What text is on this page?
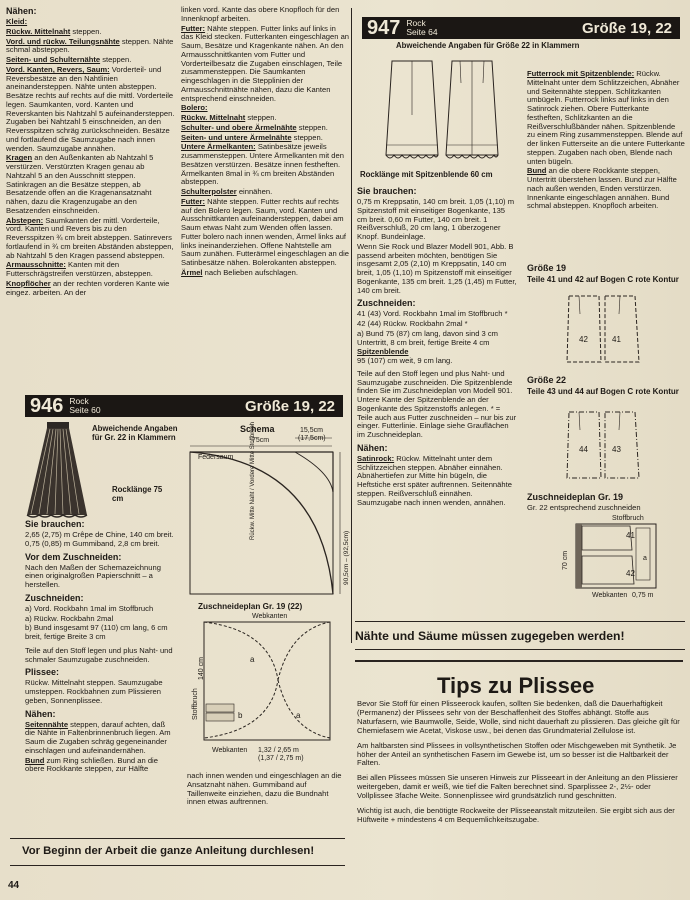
Nähen:

Kleid:

Rückw. Mittelnaht steppen.

Vord. und rückw. Teilungsnähte steppen. Nähte schmal absteppen.

Seiten- und Schulternähte steppen.

Vord. Kanten, Revers, Saum: Vorderteil- und Reversbesätze an den Nahtlinien aneinandersteppen. Nähte unten absteppen. Besätze rechts auf rechts auf die mittl. Vorderteile legen. Saumkanten, vord. Kanten und Reverskanten bis Nahtzahl 5 aufeinandersteppen. Zugaben bei Nahtzahl 5 einschneiden, an den Reversspitzen schräg zurückschneiden. Besätze und fortlaufend die Saumzugabe nach innen wenden. Saumzugabe annähen.

Kragen an den Außenkanten ab Nahtzahl 5 verstürzen. Verstürzten Kragen genau ab Nahtzahl 5 an den Ausschnitt steppen. Satinkragen an die Besätze steppen, ab Besatzende offen an die Kragenansatznaht nähen, dazu die Kragenzugabe an den Besatzenden einschneiden.

Abstepen: Saumkanten der mittl. Vorderteile, vord. Kanten und Revers bis zu den Reversspitzen ¾ cm breit absteppen. Satinrevers fortlaufend in ¾ cm breiten Abständen absteppen, ab Nahtzahl 5 den Kragen passend absteppen.

Armausschnitte: Kanten mit den Futterschrägstreifen verstürzen, absteppen.

Knopflöcher an der rechten vorderen Kante wie eingez. arbeiten. An der

linken vord. Kante das obere Knopfloch für den Innenknopf arbeiten.

Futter: Nähte steppen. Futter links auf links in das Kleid stecken. Futterkanten eingeschlagen an Saum, Besätze und Kragenkante nähen. An den Armausschnittkanten vom Futter und Vorderteilbesatz die Zugaben einschlagen, Teile zusammensteppen. Die Saumkanten eingeschlagen in die Stepplinien der Armausschnittnähte nähen, dazu die Kanten entsprechend einschneiden.

Bolero:

Rückw. Mittelnaht steppen.

Schulter- und obere Ärmelnähte steppen.

Seiten- und untere Ärmelnähte steppen.

Untere Ärmelkanten: Satinbesätze jeweils zusammensteppen. Untere Ärmelkanten mit den Besätzen verstürzen. Besätze innen festheften. Ärmelkanten 8mal in ¾ cm breiten Abständen absteppen.

Schulterpolster einnähen.

Futter: Nähte steppen. Futter rechts auf rechts auf den Bolero legen. Saum, vord. Kanten und Ausschnittkanten aufeinandersteppen, dabei am Saum etwas Naht zum Wenden offen lassen. Futter bolero nach innen wenden, Ärmel links auf links ineinanderziehen. Offene Nahtstelle am Saum zunähen. Futterärmel eingeschlagen an die Satinbesätze nähen. Bolerokanten absteppen.

Ärmel nach Belieben aufschlagen.

946 Rock
Seite 60	Größe 19, 22
Abweichende Angaben für Gr. 22 in Klammern
Rocklänge 75 cm
Schema	15,5cm
(17,5cm)
75cm
Federsaum	Rückw. Mitte Naht / Vordere Mitte Stoffbruch
90,5cm – (92,5cm)
Sie brauchen:

2,65 (2,75) m Crêpe de Chine, 140 cm breit. 0,75 (0,85) m Gummiband, 2,8 cm breit.

Vor dem Zuschneiden:

Nach den Maßen der Schemazeichnung einen originalgroßen Papierschnitt – a herstellen.

Zuschneiden:

a) Vord. Rockbahn 1mal im Stoffbruch

a) Rückw. Rockbahn 2mal

b) Bund insgesamt 97 (110) cm lang, 6 cm breit, fertige Breite 3 cm

Teile auf den Stoff legen und plus Naht- und schmaler Saumzugabe zuschneiden.

Plissee:

Rückw. Mittelnaht steppen. Saumzugabe umsteppen. Rockbahnen zum Plissieren geben, Sonnenplissee.

Nähen:

Seitennähte steppen, darauf achten, daß die Nähte in Faltenbrinnenbruch liegen. Am Saum die Zugaben schräg gegeneinander einschlagen und aufeinandernähen.

Bund zum Ring schließen. Bund an die obere Rockkante steppen, zur Hälfte

Zuschneideplan Gr. 19 (22)
Webkanten
Stoffbruch
140 cm	a
a
b
Webkanten 1,32 / 2,65 m
(1,37 / 2,75 m)
nach innen wenden und eingeschlagen an die Ansatznaht nähen. Gummiband auf Taillenweite einziehen, dazu die Bundnaht innen etwas auftrennen.
947 Rock
Seite 64	Größe 19, 22
Abweichende Angaben für Größe 22 in Klammern
Rocklänge mit Spitzenblende 60 cm
Sie brauchen:

0,75 m Kreppsatin, 140 cm breit. 1,05 (1,10) m Spitzenstoff mit einseitiger Bogenkante, 135 cm breit. 0,60 m Futter, 140 cm breit. 1 Reißverschluß, 20 cm lang, 1 überzogener Knopf. Bundeinlage.

Wenn Sie Rock und Blazer Modell 901, Abb. B passend arbeiten möchten, benötigen Sie insgesamt 2,05 (2,10) m Kreppsatin, 140 cm breit, 1,05 (1,10) m Spitzenstoff mit einseitiger Bogenkante, 135 cm breit. 1,25 (1,45) m Futter, 140 cm breit.

Zuschneiden:

41 (43) Vord. Rockbahn 1mal im Stoffbruch *

42 (44) Rückw. Rockbahn 2mal *

a) Bund 75 (87) cm lang, davon sind 3 cm Untertritt, 8 cm breit, fertige Breite 4 cm

Spitzenblende
95 (107) cm weit, 9 cm lang.

Teile auf den Stoff legen und plus Naht- und Saumzugabe zuschneiden. Die Spitzenblende finden Sie im Zuschneideplan von Modell 901. Untere Kante der Spitzenblende an der Bogenkante des Spitzenstoffs anlegen. * = Teile auch aus Futter zuschneiden – nur bis zur einger. Futterlinie. Einlage siehe Grauflächen im Zuschneideplan.

Nähen:

Satinrock: Rückw. Mittelnaht unter dem Schlitzzeichen steppen. Abnäher einnähen. Abnähertiefen zur Mitte hin bügeln, die Heftstiche erst später auftrennen. Seitennähte steppen. Reißverschluß einnähen. Saumzugabe nach innen wenden, annähen.

Futterrock mit Spitzenblende: Rückw. Mittelnaht unter dem Schlitzzeichen, Abnäher und Seitennähte steppen. Schlitzkanten umbügeln. Futterrock links auf links in den Satinrock ziehen. Obere Futterkante festheften, Schlitzkanten an die Reißverschlußbänder nähen. Spitzenblende zu einem Ring zusammensteppen. Blende auf der linken Futterseite an die untere Futterkante steppen. Zugaben nach oben, Blende nach unten bügeln.

Bund an die obere Rockkante steppen, Untertritt überstehen lassen. Bund zur Hälfte nach außen wenden, Enden verstürzen. Innenkante eingeschlagen annähen. Bund schmal absteppen. Knopfloch arbeiten.

Größe 19
Teile 41 und 42 auf Bogen C rote Kontur
42	41
Größe 22
Teile 43 und 44 auf Bogen C rote Kontur
44	43
Zuschneideplan Gr. 19
Gr. 22 entsprechend zuschneiden
Stoffbruch
41
42
a
70 cm
Webkanten 0,75 m
Nähte und Säume müssen zugegeben werden!
Tips zu Plissee

Bevor Sie Stoff für einen Plisseerock kaufen, sollten Sie bedenken, daß die Dauerhaftigkeit (Permanenz) der Plissees sehr von der Beschaffenheit des Stoffes abhängt. Stoffe aus Naturfasern, wie Baumwolle, Seide, Wolle, sind nicht dauerhaft zu plissieren. Das gleiche gilt für Chemiefasern wie Acetat, Viskose usw., bei denen das Grundmaterial Zellulose ist.

Am haltbarsten sind Plissees in vollsynthetischen Stoffen oder Mischgeweben mit Synthetik. Je höher der Anteil an synthetischen Fasern im Gewebe ist, um so besser ist die Haltbarkeit der Falten.

Bei allen Plissees müssen Sie unseren Hinweis zur Plisseeart in der Anleitung an den Plissierer weitergeben, damit er weiß, wie tief die Falten berechnet sind. Sparplissee 2-, 2½- oder Vollplissee 3fache Weite. Sonnenplissee wird grundsätzlich rund geschnitten.

Wichtig ist auch, die benötigte Rockweite der Plisseeanstalt mitzuteilen. Sie ergibt sich aus der Hüftweite + mindestens 4 cm Bequemlichkeitszugabe.

Vor Beginn der Arbeit die ganze Anleitung durchlesen!
44
